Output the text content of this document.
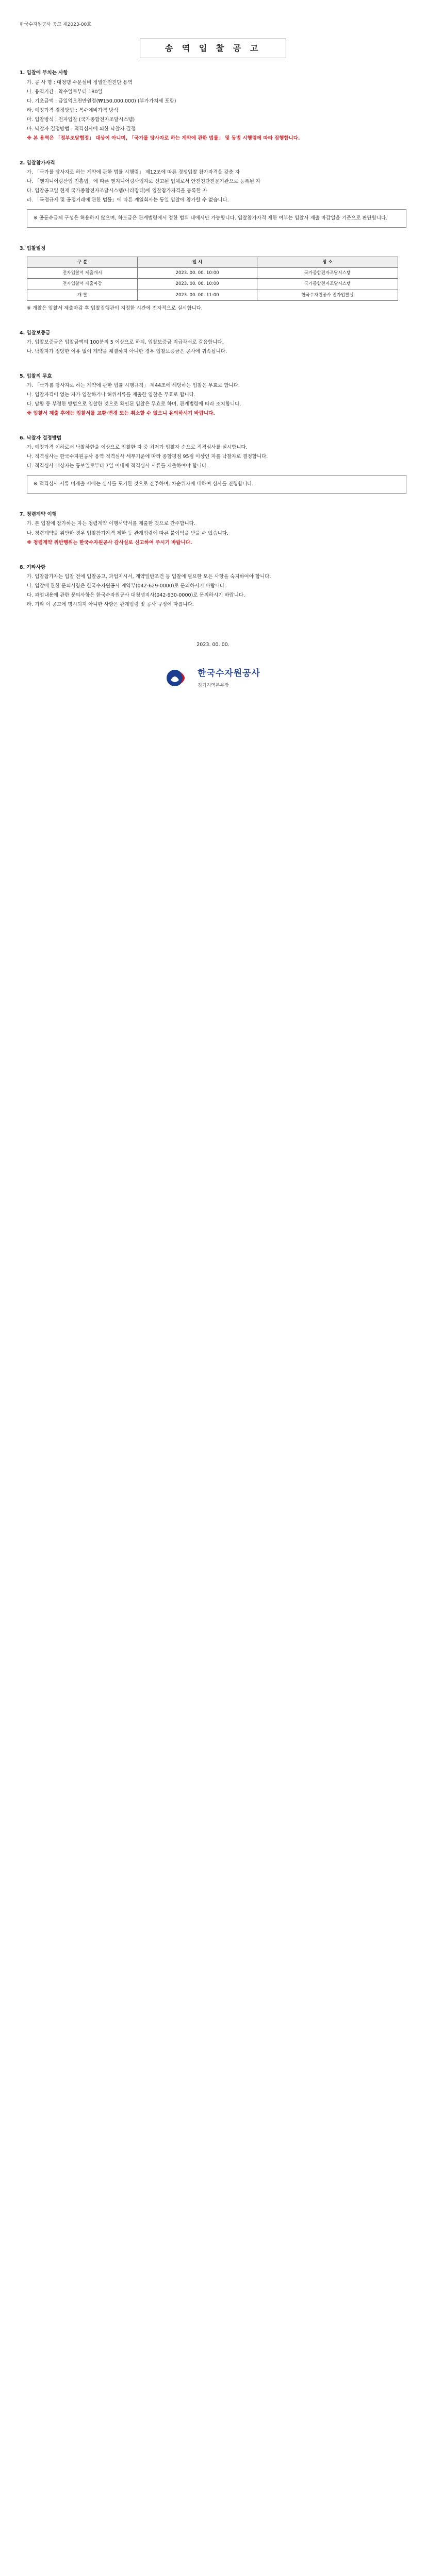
한국수자원공사 공고 제2023-00호
송 역 입 찰 공 고
1. 입찰에 부치는 사항
가. 공 사 명 : 대청댐 수문설비 정밀안전진단 용역
나. 용역기간 : 착수일로부터 180일
다. 기초금액 : 금일억오천만원정(₩150,000,000) (부가가치세 포함)
라. 예정가격 결정방법 : 복수예비가격 방식
마. 입찰방식 : 전자입찰 (국가종합전자조달시스템)
바. 낙찰자 결정방법 : 적격심사에 의한 낙찰자 결정
※ 본 용역은 「정부조달협정」 대상이 아니며, 「국가를 당사자로 하는 계약에 관한 법률」 및 동법 시행령에 따라 집행합니다.
2. 입찰참가자격
가. 「국가를 당사자로 하는 계약에 관한 법률 시행령」 제12조에 따른 경쟁입찰 참가자격을 갖춘 자
나. 「엔지니어링산업 진흥법」에 따른 엔지니어링사업자로 신고된 업체로서 안전진단전문기관으로 등록된 자
다. 입찰공고일 현재 국가종합전자조달시스템(나라장터)에 입찰참가자격을 등록한 자
라. 「독점규제 및 공정거래에 관한 법률」에 따른 계열회사는 동일 입찰에 참가할 수 없습니다.
※ 공동수급체 구성은 허용하지 않으며, 하도급은 관계법령에서 정한 범위 내에서만 가능합니다. 입찰참가자격 제한 여부는 입찰서 제출 마감일을 기준으로 판단합니다.
3. 입찰일정
구 분	일 시	장 소
전자입찰서 제출개시	2023. 00. 00. 10:00	국가종합전자조달시스템
전자입찰서 제출마감	2023. 00. 00. 10:00	국가종합전자조달시스템
개 찰	2023. 00. 00. 11:00	한국수자원공사 전자입찰실
※ 개찰은 입찰서 제출마감 후 입찰집행관이 지정한 시간에 전자적으로 실시합니다.
4. 입찰보증금
가. 입찰보증금은 입찰금액의 100분의 5 이상으로 하되, 입찰보증금 지급각서로 갈음합니다.
나. 낙찰자가 정당한 이유 없이 계약을 체결하지 아니한 경우 입찰보증금은 공사에 귀속됩니다.
5. 입찰의 무효
가. 「국가를 당사자로 하는 계약에 관한 법률 시행규칙」 제44조에 해당하는 입찰은 무효로 합니다.
나. 입찰자격이 없는 자가 입찰하거나 허위서류를 제출한 입찰은 무효로 합니다.
다. 담합 등 부정한 방법으로 입찰한 것으로 확인된 입찰은 무효로 하며, 관계법령에 따라 조치합니다.
※ 입찰서 제출 후에는 입찰서를 교환·변경 또는 취소할 수 없으니 유의하시기 바랍니다.
6. 낙찰자 결정방법
가. 예정가격 이하로서 낙찰하한율 이상으로 입찰한 자 중 최저가 입찰자 순으로 적격심사를 실시합니다.
나. 적격심사는 한국수자원공사 용역 적격심사 세부기준에 따라 종합평점 95점 이상인 자를 낙찰자로 결정합니다.
다. 적격심사 대상자는 통보일로부터 7일 이내에 적격심사 서류를 제출하여야 합니다.
※ 적격심사 서류 미제출 시에는 심사를 포기한 것으로 간주하며, 차순위자에 대하여 심사를 진행합니다.
7. 청렴계약 이행
가. 본 입찰에 참가하는 자는 청렴계약 이행서약서를 제출한 것으로 간주합니다.
나. 청렴계약을 위반한 경우 입찰참가자격 제한 등 관계법령에 따른 불이익을 받을 수 있습니다.
※ 청렴계약 위반행위는 한국수자원공사 감사실로 신고하여 주시기 바랍니다.
8. 기타사항
가. 입찰참가자는 입찰 전에 입찰공고, 과업지시서, 계약일반조건 등 입찰에 필요한 모든 사항을 숙지하여야 합니다.
나. 입찰에 관한 문의사항은 한국수자원공사 계약부(042-629-0000)로 문의하시기 바랍니다.
다. 과업내용에 관한 문의사항은 한국수자원공사 대청댐지사(042-930-0000)로 문의하시기 바랍니다.
라. 기타 이 공고에 명시되지 아니한 사항은 관계법령 및 공사 규정에 따릅니다.
2023. 00. 00.
한국수자원공사
경기지역본부장
